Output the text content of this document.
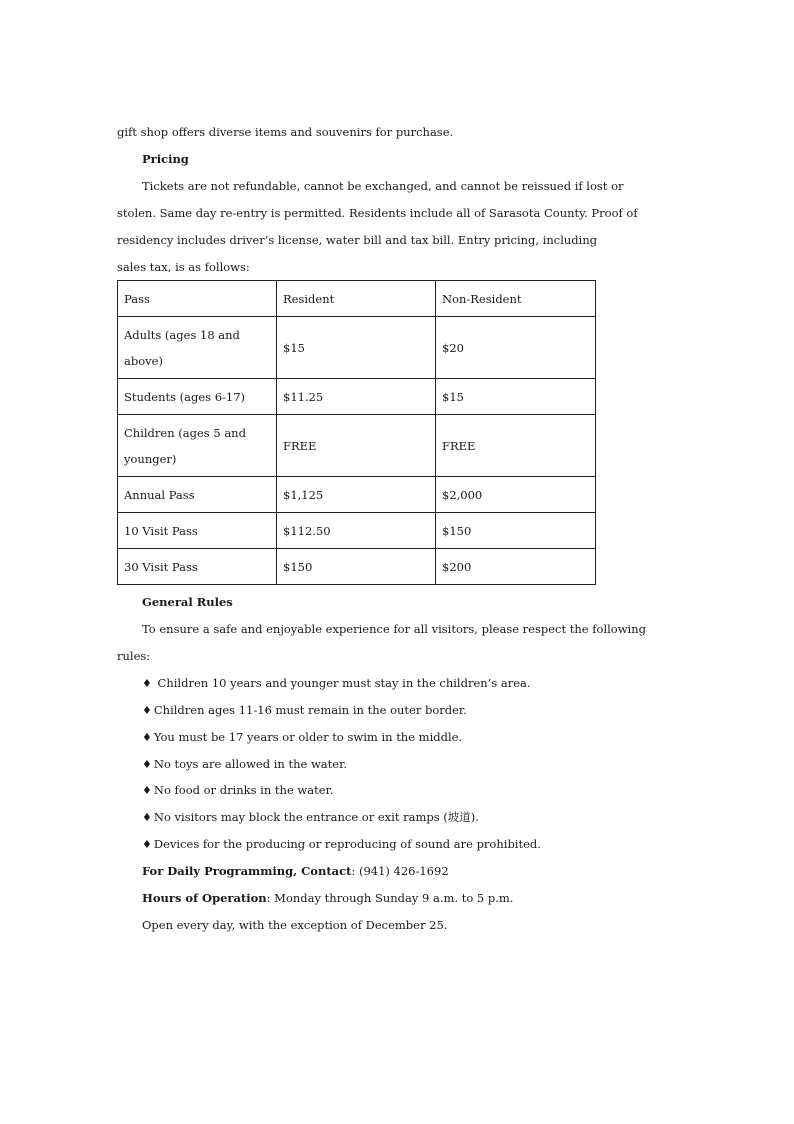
gift shop offers diverse items and souvenirs for purchase.
Pricing
Tickets are not refundable, cannot be exchanged, and cannot be reissued if lost or
stolen. Same day re-entry is permitted. Residents include all of Sarasota County. Proof of
residency includes driver’s license, water bill and tax bill. Entry pricing, including
sales tax, is as follows:
Pass	Resident	Non-Resident
Adults (ages 18 and
above)	$15	$20
Students (ages 6-17)	$11.25	$15
Children (ages 5 and
younger)	FREE	FREE
Annual Pass	$1,125	$2,000
10 Visit Pass	$112.50	$150
30 Visit Pass	$150	$200
General Rules
To ensure a safe and enjoyable experience for all visitors, please respect the following
rules:
♦ Children 10 years and younger must stay in the children’s area.
♦ Children ages 11-16 must remain in the outer border.
♦ You must be 17 years or older to swim in the middle.
♦ No toys are allowed in the water.
♦ No food or drinks in the water.
♦ No visitors may block the entrance or exit ramps (坡道).
♦ Devices for the producing or reproducing of sound are prohibited.
For Daily Programming, Contact: (941) 426-1692
Hours of Operation: Monday through Sunday 9 a.m. to 5 p.m.
Open every day, with the exception of December 25.
